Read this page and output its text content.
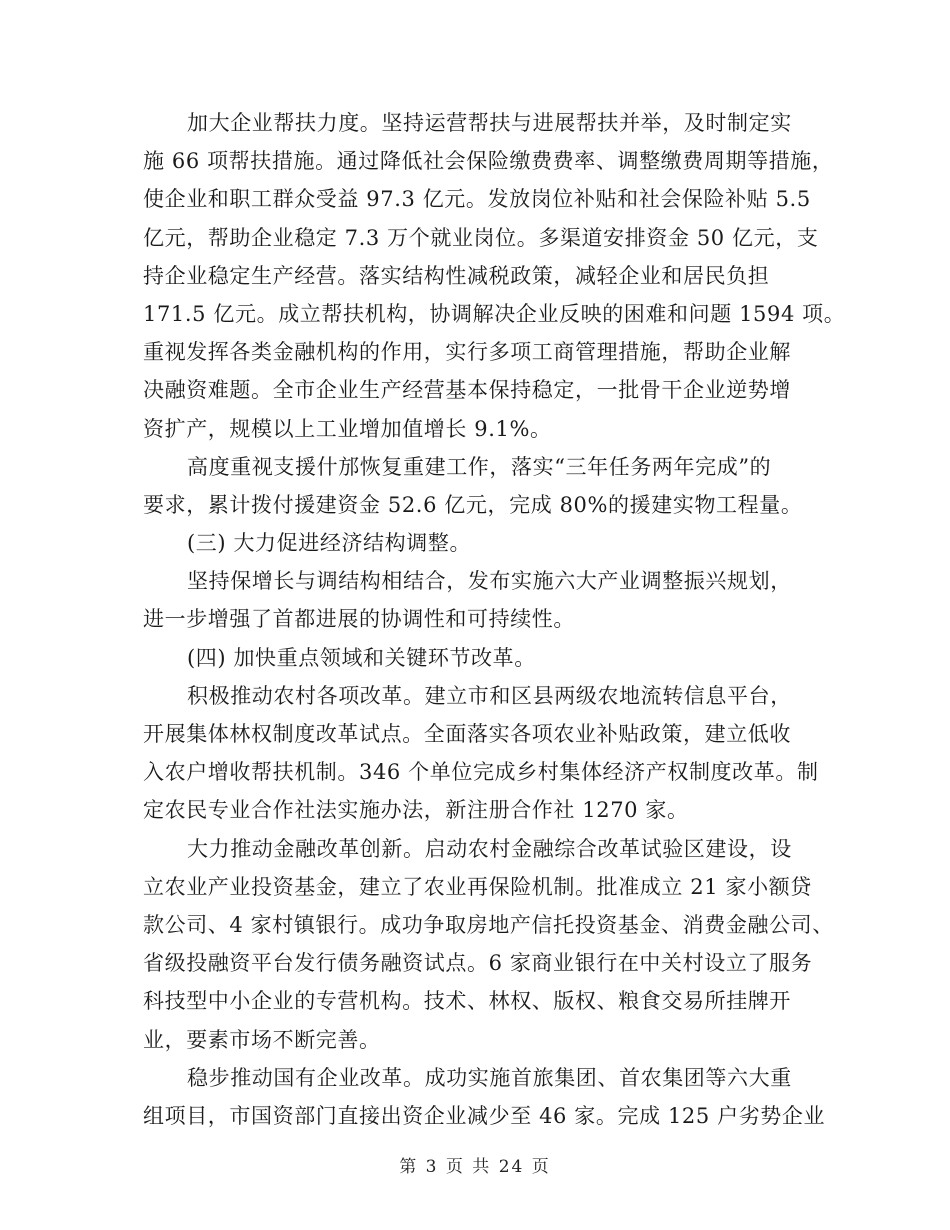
加大企业帮扶力度。坚持运营帮扶与进展帮扶并举，及时制定实
施 66 项帮扶措施。通过降低社会保险缴费费率、调整缴费周期等措施，
使企业和职工群众受益 97.3 亿元。发放岗位补贴和社会保险补贴 5.5
亿元，帮助企业稳定 7.3 万个就业岗位。多渠道安排资金 50 亿元，支
持企业稳定生产经营。落实结构性减税政策，减轻企业和居民负担
171.5 亿元。成立帮扶机构，协调解决企业反映的困难和问题 1594 项。
重视发挥各类金融机构的作用，实行多项工商管理措施，帮助企业解
决融资难题。全市企业生产经营基本保持稳定，一批骨干企业逆势增
资扩产，规模以上工业增加值增长 9.1%。
高度重视支援什邡恢复重建工作，落实“三年任务两年完成”的
要求，累计拨付援建资金 52.6 亿元，完成 80%的援建实物工程量。
(三) 大力促进经济结构调整。
坚持保增长与调结构相结合，发布实施六大产业调整振兴规划，
进一步增强了首都进展的协调性和可持续性。
(四) 加快重点领域和关键环节改革。
积极推动农村各项改革。建立市和区县两级农地流转信息平台，
开展集体林权制度改革试点。全面落实各项农业补贴政策，建立低收
入农户增收帮扶机制。346 个单位完成乡村集体经济产权制度改革。制
定农民专业合作社法实施办法，新注册合作社 1270 家。
大力推动金融改革创新。启动农村金融综合改革试验区建设，设
立农业产业投资基金，建立了农业再保险机制。批准成立 21 家小额贷
款公司、4 家村镇银行。成功争取房地产信托投资基金、消费金融公司、
省级投融资平台发行债务融资试点。6 家商业银行在中关村设立了服务
科技型中小企业的专营机构。技术、林权、版权、粮食交易所挂牌开
业，要素市场不断完善。
稳步推动国有企业改革。成功实施首旅集团、首农集团等六大重
组项目，市国资部门直接出资企业减少至 46 家。完成 125 户劣势企业
第 3 页 共 24 页
